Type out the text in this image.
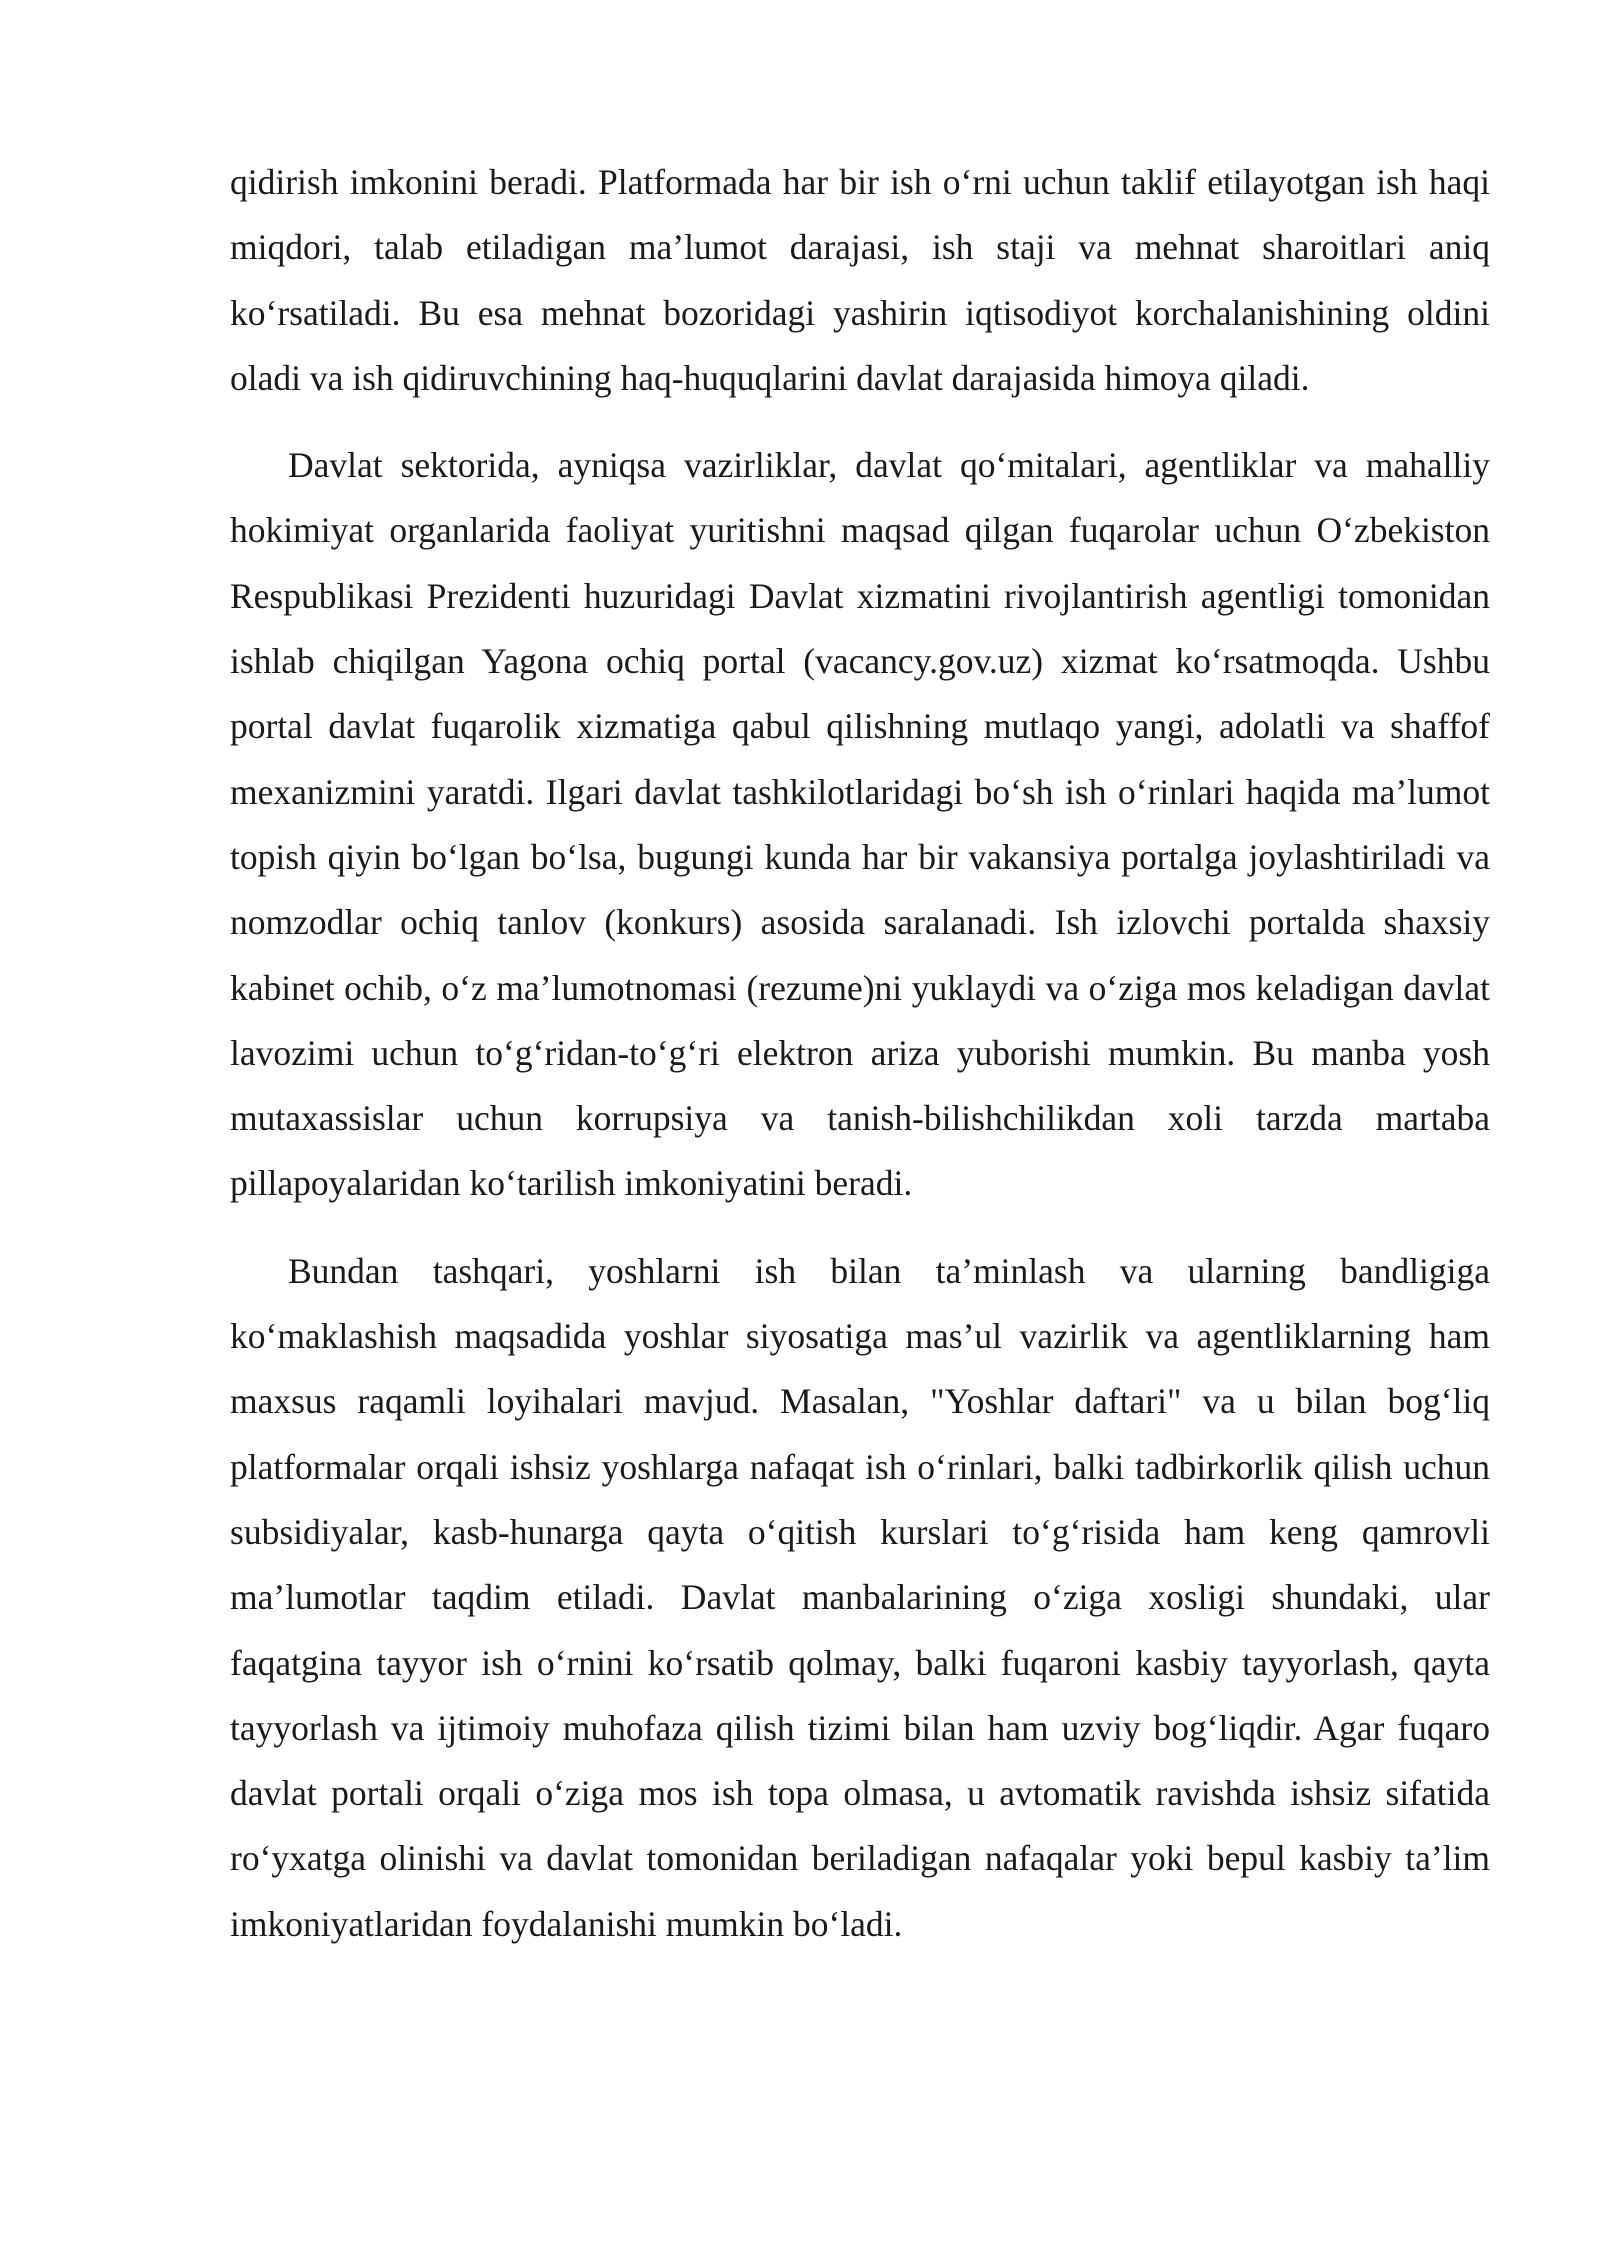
qidirish imkonini beradi. Platformada har bir ish o‘rni uchun taklif etilayotgan ish haqi miqdori, talab etiladigan ma’lumot darajasi, ish staji va mehnat sharoitlari aniq ko‘rsatiladi. Bu esa mehnat bozoridagi yashirin iqtisodiyot korchalanishining oldini oladi va ish qidiruvchining haq-huquqlarini davlat darajasida himoya qiladi.

Davlat sektorida, ayniqsa vazirliklar, davlat qo‘mitalari, agentliklar va mahalliy hokimiyat organlarida faoliyat yuritishni maqsad qilgan fuqarolar uchun O‘zbekiston Respublikasi Prezidenti huzuridagi Davlat xizmatini rivojlantirish agentligi tomonidan ishlab chiqilgan Yagona ochiq portal (vacancy.gov.uz) xizmat ko‘rsatmoqda. Ushbu portal davlat fuqarolik xizmatiga qabul qilishning mutlaqo yangi, adolatli va shaffof mexanizmini yaratdi. Ilgari davlat tashkilotlaridagi bo‘sh ish o‘rinlari haqida ma’lumot topish qiyin bo‘lgan bo‘lsa, bugungi kunda har bir vakansiya portalga joylashtiriladi va nomzodlar ochiq tanlov (konkurs) asosida saralanadi. Ish izlovchi portalda shaxsiy kabinet ochib, o‘z ma’lumotnomasi (rezume)ni yuklaydi va o‘ziga mos keladigan davlat lavozimi uchun to‘g‘ridan-to‘g‘ri elektron ariza yuborishi mumkin. Bu manba yosh mutaxassislar uchun korrupsiya va tanish-bilishchilikdan xoli tarzda martaba pillapoyalaridan ko‘tarilish imkoniyatini beradi.

Bundan tashqari, yoshlarni ish bilan ta’minlash va ularning bandligiga ko‘maklashish maqsadida yoshlar siyosatiga mas’ul vazirlik va agentliklarning ham maxsus raqamli loyihalari mavjud. Masalan, "Yoshlar daftari" va u bilan bog‘liq platformalar orqali ishsiz yoshlarga nafaqat ish o‘rinlari, balki tadbirkorlik qilish uchun subsidiyalar, kasb-hunarga qayta o‘qitish kurslari to‘g‘risida ham keng qamrovli ma’lumotlar taqdim etiladi. Davlat manbalarining o‘ziga xosligi shundaki, ular faqatgina tayyor ish o‘rnini ko‘rsatib qolmay, balki fuqaroni kasbiy tayyorlash, qayta tayyorlash va ijtimoiy muhofaza qilish tizimi bilan ham uzviy bog‘liqdir. Agar fuqaro davlat portali orqali o‘ziga mos ish topa olmasa, u avtomatik ravishda ishsiz sifatida ro‘yxatga olinishi va davlat tomonidan beriladigan nafaqalar yoki bepul kasbiy ta’lim imkoniyatlaridan foydalanishi mumkin bo‘ladi.
